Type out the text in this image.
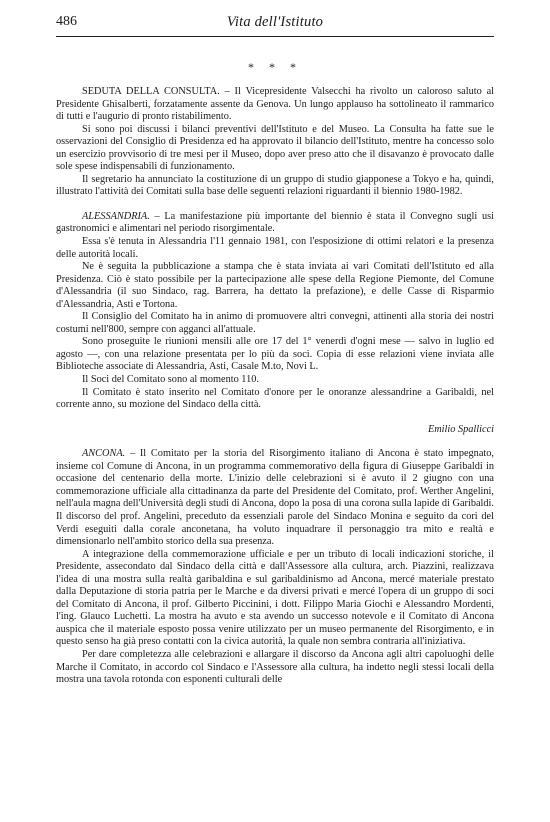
486	Vita dell'Istituto
* * *

SEDUTA DELLA CONSULTA. – Il Vicepresidente Valsecchi ha rivolto un caloroso saluto al Presidente Ghisalberti, forzatamente assente da Genova. Un lungo applauso ha sottolineato il rammarico di tutti e l'augurio di pronto ristabilimento.

Si sono poi discussi i bilanci preventivi dell'Istituto e del Museo. La Consulta ha fatte sue le osservazioni del Consiglio di Presidenza ed ha approvato il bilancio dell'Istituto, mentre ha concesso solo un esercizio provvisorio di tre mesi per il Museo, dopo aver preso atto che il disavanzo è provocato dalle sole spese indispensabili di funzionamento.

Il segretario ha annunciato la costituzione di un gruppo di studio giapponese a Tokyo e ha, quindi, illustrato l'attività dei Comitati sulla base delle seguenti relazioni riguardanti il biennio 1980-1982.

ALESSANDRIA. – La manifestazione più importante del biennio è stata il Convegno sugli usi gastronomici e alimentari nel periodo risorgimentale.

Essa s'è tenuta in Alessandria l'11 gennaio 1981, con l'esposizione di ottimi relatori e la presenza delle autorità locali.

Ne è seguita la pubblicazione a stampa che è stata inviata ai vari Comitati dell'Istituto ed alla Presidenza. Ciò è stato possibile per la partecipazione alle spese della Regione Piemonte, del Comune d'Alessandria (il suo Sindaco, rag. Barrera, ha dettato la prefazione), e delle Casse di Risparmio d'Alessandria, Asti e Tortona.

Il Consiglio del Comitato ha in animo di promuovere altri convegni, attinenti alla storia dei nostri costumi nell'800, sempre con agganci all'attuale.

Sono proseguite le riunioni mensili alle ore 17 del 1° venerdì d'ogni mese — salvo in luglio ed agosto —, con una relazione presentata per lo più da soci. Copia di esse relazioni viene inviata alle Biblioteche associate di Alessandria, Asti, Casale M.to, Novi L.

Il Soci del Comitato sono al momento 110.

Il Comitato è stato inserito nel Comitato d'onore per le onoranze alessandrine a Garibaldi, nel corrente anno, su mozione del Sindaco della città.

Emilio Spallicci

ANCONA. – Il Comitato per la storia del Risorgimento italiano di Ancona è stato impegnato, insieme col Comune di Ancona, in un programma commemorativo della figura di Giuseppe Garibaldi in occasione del centenario della morte. L'inizio delle celebrazioni si è avuto il 2 giugno con una commemorazione ufficiale alla cittadinanza da parte del Presidente del Comitato, prof. Werther Angelini, nell'aula magna dell'Università degli studi di Ancona, dopo la posa di una corona sulla lapide di Garibaldi. Il discorso del prof. Angelini, preceduto da essenziali parole del Sindaco Monina e seguito da cori del Verdi eseguiti dalla corale anconetana, ha voluto inquadrare il personaggio tra mito e realtà e dimensionarlo nell'ambito storico della sua presenza.

A integrazione della commemorazione ufficiale e per un tributo di locali indicazioni storiche, il Presidente, assecondato dal Sindaco della città e dall'Assessore alla cultura, arch. Piazzini, realizzava l'idea di una mostra sulla realtà garibaldina e sul garibaldinismo ad Ancona, mercé materiale prestato dalla Deputazione di storia patria per le Marche e da diversi privati e mercé l'opera di un gruppo di soci del Comitato di Ancona, il prof. Gilberto Piccinini, i dott. Filippo Maria Giochi e Alessandro Mordenti, l'ing. Glauco Luchetti. La mostra ha avuto e sta avendo un successo notevole e il Comitato di Ancona auspica che il materiale esposto possa venire utilizzato per un museo permanente del Risorgimento, e in questo senso ha già preso contatti con la civica autorità, la quale non sembra contraria all'iniziativa.

Per dare completezza alle celebrazioni e allargare il discorso da Ancona agli altri capoluoghi delle Marche il Comitato, in accordo col Sindaco e l'Assessore alla cultura, ha indetto negli stessi locali della mostra una tavola rotonda con esponenti culturali delle
